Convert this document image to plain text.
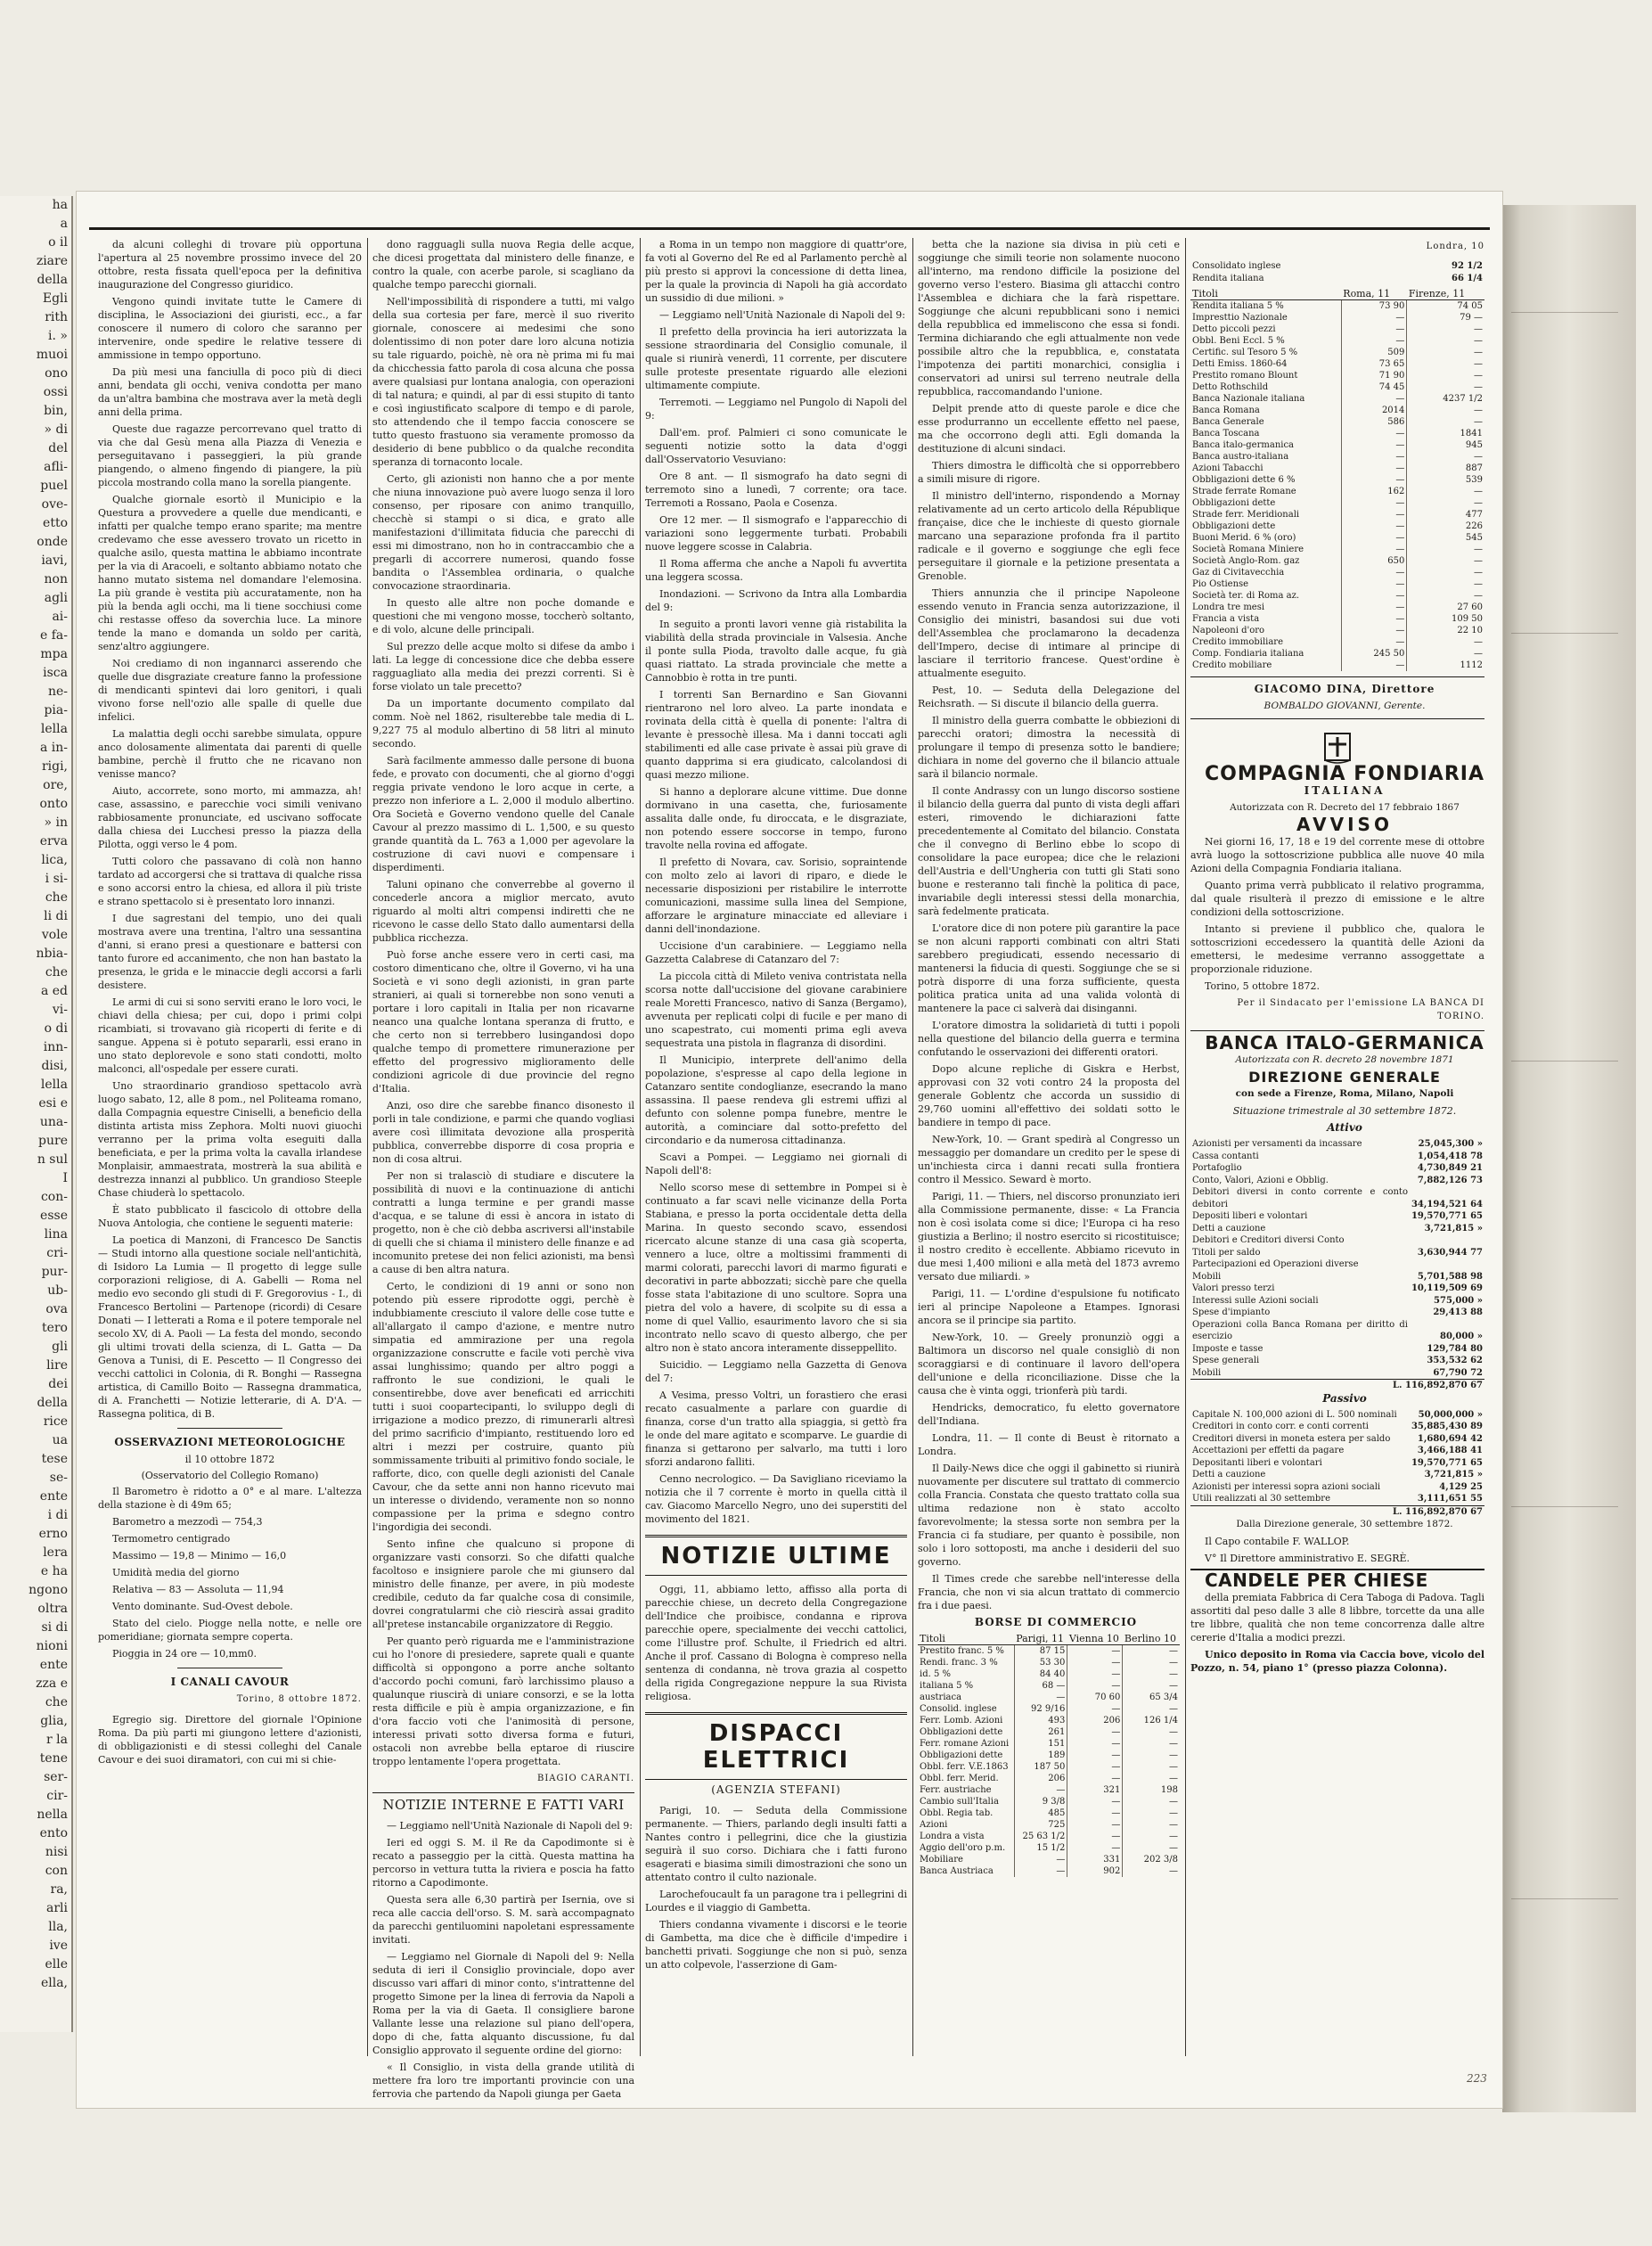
ha
a
o il
ziare
della
Egli
rith
i. »
muoi
ono
ossi
bin,
» di
del
afli-
puel
ove-
etto
onde
iavi,
non
agli
ai-
e fa-
mpa
isca
ne-
pia-
lella
a in-
rigi,
ore,
onto
» in
erva
lica,
i si-
che
li di
vole
nbia-
che
a ed
vi-
o di
inn-
disi,
lella
esi e
una-
pure
n sul
I
con-
esse
lina
cri-
pur-
ub-
ova
tero
gli
lire
dei
della
rice
ua
tese
se-
ente
i di
erno
lera
e ha
ngono
oltra
si di
nioni
ente
zza e
che
glia,
r la
tene
ser-
cir-
nella
ento
nisi
con
ra,
arli
lla,
ive
elle
ella,

da alcuni colleghi di trovare più opportuna l'apertura al 25 novembre prossimo invece del 20 ottobre, resta fissata quell'epoca per la definitiva inaugurazione del Congresso giuridico.

Vengono quindi invitate tutte le Camere di disciplina, le Associazioni dei giuristi, ecc., a far conoscere il numero di coloro che saranno per intervenire, onde spedire le relative tessere di ammissione in tempo opportuno.

Da più mesi una fanciulla di poco più di dieci anni, bendata gli occhi, veniva condotta per mano da un'altra bambina che mostrava aver la metà degli anni della prima.

Queste due ragazze percorrevano quel tratto di via che dal Gesù mena alla Piazza di Venezia e perseguitavano i passeggieri, la più grande piangendo, o almeno fingendo di piangere, la più piccola mostrando colla mano la sorella piangente.

Qualche giornale esortò il Municipio e la Questura a provvedere a quelle due mendicanti, e infatti per qualche tempo erano sparite; ma mentre credevamo che esse avessero trovato un ricetto in qualche asilo, questa mattina le abbiamo incontrate per la via di Aracoeli, e soltanto abbiamo notato che hanno mutato sistema nel domandare l'elemosina. La più grande è vestita più accuratamente, non ha più la benda agli occhi, ma li tiene socchiusi come chi restasse offeso da soverchia luce. La minore tende la mano e domanda un soldo per carità, senz'altro aggiungere.

Noi crediamo di non ingannarci asserendo che quelle due disgraziate creature fanno la professione di mendicanti spintevi dai loro genitori, i quali vivono forse nell'ozio alle spalle di quelle due infelici.

La malattia degli occhi sarebbe simulata, oppure anco dolosamente alimentata dai parenti di quelle bambine, perchè il frutto che ne ricavano non venisse manco?

Aiuto, accorrete, sono morto, mi ammazza, ah! case, assassino, e parecchie voci simili venivano rabbiosamente pronunciate, ed uscivano soffocate dalla chiesa dei Lucchesi presso la piazza della Pilotta, oggi verso le 4 pom.

Tutti coloro che passavano di colà non hanno tardato ad accorgersi che si trattava di qualche rissa e sono accorsi entro la chiesa, ed allora il più triste e strano spettacolo si è presentato loro innanzi.

I due sagrestani del tempio, uno dei quali mostrava avere una trentina, l'altro una sessantina d'anni, si erano presi a questionare e battersi con tanto furore ed accanimento, che non han bastato la presenza, le grida e le minaccie degli accorsi a farli desistere.

Le armi di cui si sono serviti erano le loro voci, le chiavi della chiesa; per cui, dopo i primi colpi ricambiati, si trovavano già ricoperti di ferite e di sangue. Appena si è potuto separarli, essi erano in uno stato deplorevole e sono stati condotti, molto malconci, all'ospedale per essere curati.

Uno straordinario grandioso spettacolo avrà luogo sabato, 12, alle 8 pom., nel Politeama romano, dalla Compagnia equestre Ciniselli, a beneficio della distinta artista miss Zephora. Molti nuovi giuochi verranno per la prima volta eseguiti dalla beneficiata, e per la prima volta la cavalla irlandese Monplaisir, ammaestrata, mostrerà la sua abilità e destrezza innanzi al pubblico. Un grandioso Steeple Chase chiuderà lo spettacolo.

È stato pubblicato il fascicolo di ottobre della Nuova Antologia, che contiene le seguenti materie:

La poetica di Manzoni, di Francesco De Sanctis — Studi intorno alla questione sociale nell'antichità, di Isidoro La Lumia — Il progetto di legge sulle corporazioni religiose, di A. Gabelli — Roma nel medio evo secondo gli studi di F. Gregorovius - I., di Francesco Bertolini — Partenope (ricordi) di Cesare Donati — I letterati a Roma e il potere temporale nel secolo XV, di A. Paoli — La festa del mondo, secondo gli ultimi trovati della scienza, di L. Gatta — Da Genova a Tunisi, di E. Pescetto — Il Congresso dei vecchi cattolici in Colonia, di R. Bonghi — Rassegna artistica, di Camillo Boito — Rassegna drammatica, di A. Franchetti — Notizie letterarie, di A. D'A. — Rassegna politica, di B.

OSSERVAZIONI METEOROLOGICHE

il 10 ottobre 1872

(Osservatorio del Collegio Romano)

Il Barometro è ridotto a 0° e al mare. L'altezza della stazione è di 49m 65;

Barometro a mezzodì — 754,3

Termometro centigrado

Massimo — 19,8 — Minimo — 16,0

Umidità media del giorno

Relativa — 83 — Assoluta — 11,94

Vento dominante. Sud-Ovest debole.

Stato del cielo. Piogge nella notte, e nelle ore pomeridiane; giornata sempre coperta.

Pioggia in 24 ore — 10,mm0.

I CANALI CAVOUR

Torino, 8 ottobre 1872.

Egregio sig. Direttore del giornale l'Opinione Roma. Da più parti mi giungono lettere d'azionisti, di obbligazionisti e di stessi colleghi del Canale Cavour e dei suoi diramatori, con cui mi si chie-

dono ragguagli sulla nuova Regia delle acque, che dicesi progettata dal ministero delle finanze, e contro la quale, con acerbe parole, si scagliano da qualche tempo parecchi giornali.

Nell'impossibilità di rispondere a tutti, mi valgo della sua cortesia per fare, mercè il suo riverito giornale, conoscere ai medesimi che sono dolentissimo di non poter dare loro alcuna notizia su tale riguardo, poichè, nè ora nè prima mi fu mai da chicchessia fatto parola di cosa alcuna che possa avere qualsiasi pur lontana analogia, con operazioni di tal natura; e quindi, al par di essi stupito di tanto e così ingiustificato scalpore di tempo e di parole, sto attendendo che il tempo faccia conoscere se tutto questo frastuono sia veramente promosso da desiderio di bene pubblico o da qualche recondita speranza di tornaconto locale.

Certo, gli azionisti non hanno che a por mente che niuna innovazione può avere luogo senza il loro consenso, per riposare con animo tranquillo, checchè si stampi o si dica, e grato alle manifestazioni d'illimitata fiducia che parecchi di essi mi dimostrano, non ho in contraccambio che a pregarli di accorrere numerosi, quando fosse bandita o l'Assemblea ordinaria, o qualche convocazione straordinaria.

In questo alle altre non poche domande e questioni che mi vengono mosse, toccherò soltanto, e di volo, alcune delle principali.

Sul prezzo delle acque molto si difese da ambo i lati. La legge di concessione dice che debba essere ragguagliato alla media dei prezzi correnti. Si è forse violato un tale precetto?

Da un importante documento compilato dal comm. Noè nel 1862, risulterebbe tale media di L. 9,227 75 al modulo albertino di 58 litri al minuto secondo.

Sarà facilmente ammesso dalle persone di buona fede, e provato con documenti, che al giorno d'oggi reggia private vendono le loro acque in certe, a prezzo non inferiore a L. 2,000 il modulo albertino. Ora Società e Governo vendono quelle del Canale Cavour al prezzo massimo di L. 1,500, e su questo grande quantità da L. 763 a 1,000 per agevolare la costruzione di cavi nuovi e compensare i disperdimenti.

Taluni opinano che converrebbe al governo il concederle ancora a miglior mercato, avuto riguardo al molti altri compensi indiretti che ne ricevono le casse dello Stato dallo aumentarsi della pubblica ricchezza.

Può forse anche essere vero in certi casi, ma costoro dimenticano che, oltre il Governo, vi ha una Società e vi sono degli azionisti, in gran parte stranieri, ai quali si tornerebbe non sono venuti a portare i loro capitali in Italia per non ricavarne neanco una qualche lontana speranza di frutto, e che certo non si terrebbero lusingandosi dopo qualche tempo di promettere rimunerazione per effetto del progressivo miglioramento delle condizioni agricole di due provincie del regno d'Italia.

Anzi, oso dire che sarebbe financo disonesto il porli in tale condizione, e parmi che quando vogliasi avere così illimitata devozione alla prosperità pubblica, converrebbe disporre di cosa propria e non di cosa altrui.

Per non si tralasciò di studiare e discutere la possibilità di nuovi e la continuazione di antichi contratti a lunga termine e per grandi masse d'acqua, e se talune di essi è ancora in istato di progetto, non è che ciò debba ascriversi all'instabile di quelli che si chiama il ministero delle finanze e ad incomunito pretese dei non felici azionisti, ma bensì a cause di ben altra natura.

Certo, le condizioni di 19 anni or sono non potendo più essere riprodotte oggi, perchè è indubbiamente cresciuto il valore delle cose tutte e all'allargato il campo d'azione, e mentre nutro simpatia ed ammirazione per una regola organizzazione conscrutte e facile voti perchè viva assai lunghissimo; quando per altro poggi a raffronto le sue condizioni, le quali le consentirebbe, dove aver beneficati ed arricchiti tutti i suoi coopartecipanti, lo sviluppo degli di irrigazione a modico prezzo, di rimunerarli altresì del primo sacrificio d'impianto, restituendo loro ed altri i mezzi per costruire, quanto più sommissamente tribuiti al primitivo fondo sociale, le rafforte, dico, con quelle degli azionisti del Canale Cavour, che da sette anni non hanno ricevuto mai un interesse o dividendo, veramente non so nonno compassione per la prima e sdegno contro l'ingordigia dei secondi.

Sento infine che qualcuno si propone di organizzare vasti consorzi. So che difatti qualche facoltoso e insigniere parole che mi giunsero dal ministro delle finanze, per avere, in più modeste credibile, ceduto da far qualche cosa di consimile, dovrei congratularmi che ciò riescirà assai gradito all'pretese instancabile organizzatore di Reggio.

Per quanto però riguarda me e l'amministrazione cui ho l'onore di presiedere, saprete quali e quante difficoltà si oppongono a porre anche soltanto d'accordo pochi comuni, farò larchissimo plauso a qualunque riuscirà di uniare consorzi, e se la lotta resta difficile e più è ampia organizzazione, e fin d'ora faccio voti che l'animosità di persone, interessi privati sotto diversa forma e futuri, ostacoli non avrebbe bella eptaroe di riuscire troppo lentamente l'opera progettata.

BIAGIO CARANTI.

NOTIZIE INTERNE E FATTI VARI

— Leggiamo nell'Unità Nazionale di Napoli del 9:

Ieri ed oggi S. M. il Re da Capodimonte si è recato a passeggio per la città. Questa mattina ha percorso in vettura tutta la riviera e poscia ha fatto ritorno a Capodimonte.

Questa sera alle 6,30 partirà per Isernia, ove si reca alle caccia dell'orso. S. M. sarà accompagnato da parecchi gentiluomini napoletani espressamente invitati.

— Leggiamo nel Giornale di Napoli del 9: Nella seduta di ieri il Consiglio provinciale, dopo aver discusso vari affari di minor conto, s'intrattenne del progetto Simone per la linea di ferrovia da Napoli a Roma per la via di Gaeta. Il consigliere barone Vallante lesse una relazione sul piano dell'opera, dopo di che, fatta alquanto discussione, fu dal Consiglio approvato il seguente ordine del giorno:

« Il Consiglio, in vista della grande utilità di mettere fra loro tre importanti provincie con una ferrovia che partendo da Napoli giunga per Gaeta

a Roma in un tempo non maggiore di quattr'ore, fa voti al Governo del Re ed al Parlamento perchè al più presto si approvi la concessione di detta linea, per la quale la provincia di Napoli ha già accordato un sussidio di due milioni. »

— Leggiamo nell'Unità Nazionale di Napoli del 9:

Il prefetto della provincia ha ieri autorizzata la sessione straordinaria del Consiglio comunale, il quale si riunirà venerdì, 11 corrente, per discutere sulle proteste presentate riguardo alle elezioni ultimamente compiute.

Terremoti. — Leggiamo nel Pungolo di Napoli del 9:

Dall'em. prof. Palmieri ci sono comunicate le seguenti notizie sotto la data d'oggi dall'Osservatorio Vesuviano:

Ore 8 ant. — Il sismografo ha dato segni di terremoto sino a lunedì, 7 corrente; ora tace. Terremoti a Rossano, Paola e Cosenza.

Ore 12 mer. — Il sismografo e l'apparecchio di variazioni sono leggermente turbati. Probabili nuove leggere scosse in Calabria.

Il Roma afferma che anche a Napoli fu avvertita una leggera scossa.

Inondazioni. — Scrivono da Intra alla Lombardia del 9:

In seguito a pronti lavori venne già ristabilita la viabilità della strada provinciale in Valsesia. Anche il ponte sulla Pioda, travolto dalle acque, fu già quasi riattato. La strada provinciale che mette a Cannobbio è rotta in tre punti.

I torrenti San Bernardino e San Giovanni rientrarono nel loro alveo. La parte inondata e rovinata della città è quella di ponente: l'altra di levante è pressochè illesa. Ma i danni toccati agli stabilimenti ed alle case private è assai più grave di quanto dapprima si era giudicato, calcolandosi di quasi mezzo milione.

Si hanno a deplorare alcune vittime. Due donne dormivano in una casetta, che, furiosamente assalita dalle onde, fu diroccata, e le disgraziate, non potendo essere soccorse in tempo, furono travolte nella rovina ed affogate.

Il prefetto di Novara, cav. Sorisio, sopraintende con molto zelo ai lavori di riparo, e diede le necessarie disposizioni per ristabilire le interrotte comunicazioni, massime sulla linea del Sempione, afforzare le arginature minacciate ed alleviare i danni dell'inondazione.

Uccisione d'un carabiniere. — Leggiamo nella Gazzetta Calabrese di Catanzaro del 7:

La piccola città di Mileto veniva contristata nella scorsa notte dall'uccisione del giovane carabiniere reale Moretti Francesco, nativo di Sanza (Bergamo), avvenuta per replicati colpi di fucile e per mano di uno scapestrato, cui momenti prima egli aveva sequestrata una pistola in flagranza di disordini.

Il Municipio, interprete dell'animo della popolazione, s'espresse al capo della legione in Catanzaro sentite condoglianze, esecrando la mano assassina. Il paese rendeva gli estremi uffizi al defunto con solenne pompa funebre, mentre le autorità, a cominciare dal sotto-prefetto del circondario e da numerosa cittadinanza.

Scavi a Pompei. — Leggiamo nei giornali di Napoli dell'8:

Nello scorso mese di settembre in Pompei si è continuato a far scavi nelle vicinanze della Porta Stabiana, e presso la porta occidentale detta della Marina. In questo secondo scavo, essendosi ricercato alcune stanze di una casa già scoperta, vennero a luce, oltre a moltissimi frammenti di marmi colorati, parecchi lavori di marmo figurati e decorativi in parte abbozzati; sicchè pare che quella fosse stata l'abitazione di uno scultore. Sopra una pietra del volo a havere, di scolpite su di essa a nome di quel Vallio, esaurimento lavoro che si sia incontrato nello scavo di questo albergo, che per altro non è stato ancora interamente disseppellito.

Suicidio. — Leggiamo nella Gazzetta di Genova del 7:

A Vesima, presso Voltri, un forastiero che erasi recato casualmente a parlare con guardie di finanza, corse d'un tratto alla spiaggia, si gettò fra le onde del mare agitato e scomparve. Le guardie di finanza si gettarono per salvarlo, ma tutti i loro sforzi andarono falliti.

Cenno necrologico. — Da Savigliano riceviamo la notizia che il 7 corrente è morto in quella città il cav. Giacomo Marcello Negro, uno dei superstiti del movimento del 1821.

NOTIZIE ULTIME

Oggi, 11, abbiamo letto, affisso alla porta di parecchie chiese, un decreto della Congregazione dell'Indice che proibisce, condanna e riprova parecchie opere, specialmente dei vecchi cattolici, come l'illustre prof. Schulte, il Friedrich ed altri. Anche il prof. Cassano di Bologna è compreso nella sentenza di condanna, nè trova grazia al cospetto della rigida Congregazione neppure la sua Rivista religiosa.

DISPACCI ELETTRICI

(AGENZIA STEFANI)

Parigi, 10. — Seduta della Commissione permanente. — Thiers, parlando degli insulti fatti a Nantes contro i pellegrini, dice che la giustizia seguirà il suo corso. Dichiara che i fatti furono esagerati e biasima simili dimostrazioni che sono un attentato contro il culto nazionale.

Larochefoucault fa un paragone tra i pellegrini di Lourdes e il viaggio di Gambetta.

Thiers condanna vivamente i discorsi e le teorie di Gambetta, ma dice che è difficile d'impedire i banchetti privati. Soggiunge che non si può, senza un atto colpevole, l'asserzione di Gam-

betta che la nazione sia divisa in più ceti e soggiunge che simili teorie non solamente nuocono all'interno, ma rendono difficile la posizione del governo verso l'estero. Biasima gli attacchi contro l'Assemblea e dichiara che la farà rispettare. Soggiunge che alcuni repubblicani sono i nemici della repubblica ed immeliscono che essa si fondi. Termina dichiarando che egli attualmente non vede possibile altro che la repubblica, e, constatata l'impotenza dei partiti monarchici, consiglia i conservatori ad unirsi sul terreno neutrale della repubblica, raccomandando l'unione.

Delpit prende atto di queste parole e dice che esse produrranno un eccellente effetto nel paese, ma che occorrono degli atti. Egli domanda la destituzione di alcuni sindaci.

Thiers dimostra le difficoltà che si opporrebbero a simili misure di rigore.

Il ministro dell'interno, rispondendo a Mornay relativamente ad un certo articolo della République française, dice che le inchieste di questo giornale marcano una separazione profonda fra il partito radicale e il governo e soggiunge che egli fece perseguitare il giornale e la petizione presentata a Grenoble.

Thiers annunzia che il principe Napoleone essendo venuto in Francia senza autorizzazione, il Consiglio dei ministri, basandosi sui due voti dell'Assemblea che proclamarono la decadenza dell'Impero, decise di intimare al principe di lasciare il territorio francese. Quest'ordine è attualmente eseguito.

Pest, 10. — Seduta della Delegazione del Reichsrath. — Si discute il bilancio della guerra.

Il ministro della guerra combatte le obbiezioni di parecchi oratori; dimostra la necessità di prolungare il tempo di presenza sotto le bandiere; dichiara in nome del governo che il bilancio attuale sarà il bilancio normale.

Il conte Andrassy con un lungo discorso sostiene il bilancio della guerra dal punto di vista degli affari esteri, rimovendo le dichiarazioni fatte precedentemente al Comitato del bilancio. Constata che il convegno di Berlino ebbe lo scopo di consolidare la pace europea; dice che le relazioni dell'Austria e dell'Ungheria con tutti gli Stati sono buone e resteranno tali finchè la politica di pace, invariabile degli interessi stessi della monarchia, sarà fedelmente praticata.

L'oratore dice di non potere più garantire la pace se non alcuni rapporti combinati con altri Stati sarebbero pregiudicati, essendo necessario di mantenersi la fiducia di questi. Soggiunge che se si potrà disporre di una forza sufficiente, questa politica pratica unita ad una valida volontà di mantenere la pace ci salverà dai disinganni.

L'oratore dimostra la solidarietà di tutti i popoli nella questione del bilancio della guerra e termina confutando le osservazioni dei differenti oratori.

Dopo alcune repliche di Giskra e Herbst, approvasi con 32 voti contro 24 la proposta del generale Goblentz che accorda un sussidio di 29,760 uomini all'effettivo dei soldati sotto le bandiere in tempo di pace.

New-York, 10. — Grant spedirà al Congresso un messaggio per domandare un credito per le spese di un'inchiesta circa i danni recati sulla frontiera contro il Messico. Seward è morto.

Parigi, 11. — Thiers, nel discorso pronunziato ieri alla Commissione permanente, disse: « La Francia non è così isolata come si dice; l'Europa ci ha reso giustizia a Berlino; il nostro esercito si ricostituisce; il nostro credito è eccellente. Abbiamo ricevuto in due mesi 1,400 milioni e alla metà del 1873 avremo versato due miliardi. »

Parigi, 11. — L'ordine d'espulsione fu notificato ieri al principe Napoleone a Etampes. Ignorasi ancora se il principe sia partito.

New-York, 10. — Greely pronunziò oggi a Baltimora un discorso nel quale consigliò di non scoraggiarsi e di continuare il lavoro dell'opera dell'unione e della riconciliazione. Disse che la causa che è vinta oggi, trionferà più tardi.

Hendricks, democratico, fu eletto governatore dell'Indiana.

Londra, 11. — Il conte di Beust è ritornato a Londra.

Il Daily-News dice che oggi il gabinetto si riunirà nuovamente per discutere sul trattato di commercio colla Francia. Constata che questo trattato colla sua ultima redazione non è stato accolto favorevolmente; la stessa sorte non sembra per la Francia ci fa studiare, per quanto è possibile, non solo i loro sottoposti, ma anche i desiderii del suo governo.

Il Times crede che sarebbe nell'interesse della Francia, che non vi sia alcun trattato di commercio fra i due paesi.

BORSE DI COMMERCIO

Titoli	Parigi, 11	Vienna 10	Berlino 10
Prestito franc. 5 %	87 15	—	—
Rendi. franc. 3 %	53 30	—	—
id. 5 %	84 40	—	—
italiana 5 %	68 —	—	—
austriaca	—	70 60	65 3/4
Consolid. inglese	92 9/16	—	—
Ferr. Lomb. Azioni	493	206	126 1/4
Obbligazioni dette	261	—	—
Ferr. romane Azioni	151	—	—
Obbligazioni dette	189	—	—
Obbl. ferr. V.E.1863	187 50	—	—
Obbl. ferr. Merid.	206	—	—
Ferr. austriache	—	321	198
Cambio sull'Italia	9 3/8	—	—
Obbl. Regia tab.	485	—	—
Azioni	725	—	—
Londra a vista	25 63 1/2	—	—
Aggio dell'oro p.m.	15 1/2	—	—
Mobiliare	—	331	202 3/8
Banca Austriaca	—	902	—

Londra, 10

Consolidato inglese	92 1/2
Rendita italiana	66 1/4
Titoli	Roma, 11	Firenze, 11
Rendita italiana 5 %	73 90	74 05
Impresttio Nazionale	—	79 —
Detto piccoli pezzi	—	—
Obbl. Beni Eccl. 5 %	—	—
Certific. sul Tesoro 5 %	509	—
Detti Emiss. 1860-64	73 65	—
Prestito romano Blount	71 90	—
Detto Rothschild	74 45	—
Banca Nazionale italiana	—	4237 1/2
Banca Romana	2014	—
Banca Generale	586	—
Banca Toscana	—	1841
Banca italo-germanica	—	945
Banca austro-italiana	—	—
Azioni Tabacchi	—	887
Obbligazioni dette 6 %	—	539
Strade ferrate Romane	162	—
Obbligazioni dette	—	—
Strade ferr. Meridionali	—	477
Obbligazioni dette	—	226
Buoni Merid. 6 % (oro)	—	545
Società Romana Miniere	—	—
Società Anglo-Rom. gaz	650	—
Gaz di Civitavecchia	—	—
Pio Ostiense	—	—
Società ter. di Roma az.	—	—
Londra tre mesi	—	27 60
Francia a vista	—	109 50
Napoleoni d'oro	—	22 10
Credito immobiliare	—	—
Comp. Fondiaria italiana	245 50	—
Credito mobiliare	—	1112

GIACOMO DINA, Direttore

BOMBALDO GIOVANNI, Gerente.

COMPAGNIA FONDIARIA

ITALIANA

Autorizzata con R. Decreto del 17 febbraio 1867

AVVISO

Nei giorni 16, 17, 18 e 19 del corrente mese di ottobre avrà luogo la sottoscrizione pubblica alle nuove 40 mila Azioni della Compagnia Fondiaria italiana.

Quanto prima verrà pubblicato il relativo programma, dal quale risulterà il prezzo di emissione e le altre condizioni della sottoscrizione.

Intanto si previene il pubblico che, qualora le sottoscrizioni eccedessero la quantità delle Azioni da emettersi, le medesime verranno assoggettate a proporzionale riduzione.

Torino, 5 ottobre 1872.

Per il Sindacato per l'emissione LA BANCA DI TORINO.

BANCA ITALO-GERMANICA

Autorizzata con R. decreto 28 novembre 1871

DIREZIONE GENERALE

con sede a Firenze, Roma, Milano, Napoli

Situazione trimestrale al 30 settembre 1872.

Attivo

Azionisti per versamenti da incassare	25,045,300 »
Cassa contanti	1,054,418 78
Portafoglio	4,730,849 21
Conto, Valori, Azioni e Obblig.	7,882,126 73
Debitori diversi in conto corrente e conto debitori	34,194,521 64
Depositi liberi e volontari	19,570,771 65
Detti a cauzione	3,721,815 »
Debitori e Creditori diversi Conto	
Titoli per saldo	3,630,944 77
Partecipazioni ed Operazioni diverse	
Mobili	5,701,588 98
Valori presso terzi	10,119,509 69
Interessi sulle Azioni sociali	575,000 »
Spese d'impianto	29,413 88
Operazioni colla Banca Romana per diritto di esercizio	80,000 »
Imposte e tasse	129,784 80
Spese generali	353,532 62
Mobili	67,790 72
	L. 116,892,870 67

Passivo

Capitale N. 100,000 azioni di L. 500 nominali	50,000,000 »
Creditori in conto corr. e conti correnti	35,885,430 89
Creditori diversi in moneta estera per saldo	1,680,694 42
Accettazioni per effetti da pagare	3,466,188 41
Depositanti liberi e volontari	19,570,771 65
Detti a cauzione	3,721,815 »
Azionisti per interessi sopra azioni sociali	4,129 25
Utili realizzati al 30 settembre	3,111,651 55
	L. 116,892,870 67

Dalla Direzione generale, 30 settembre 1872.

Il Capo contabile F. WALLOP.

V° Il Direttore amministrativo E. SEGRÈ.

CANDELE PER CHIESE

della premiata Fabbrica di Cera Taboga di Padova. Tagli assortiti dal peso dalle 3 alle 8 libbre, torcette da una alle tre libbre, qualità che non teme concorrenza dalle altre cererie d'Italia a modici prezzi.

Unico deposito in Roma via Caccia bove, vicolo del Pozzo, n. 54, piano 1° (presso piazza Colonna).

223
